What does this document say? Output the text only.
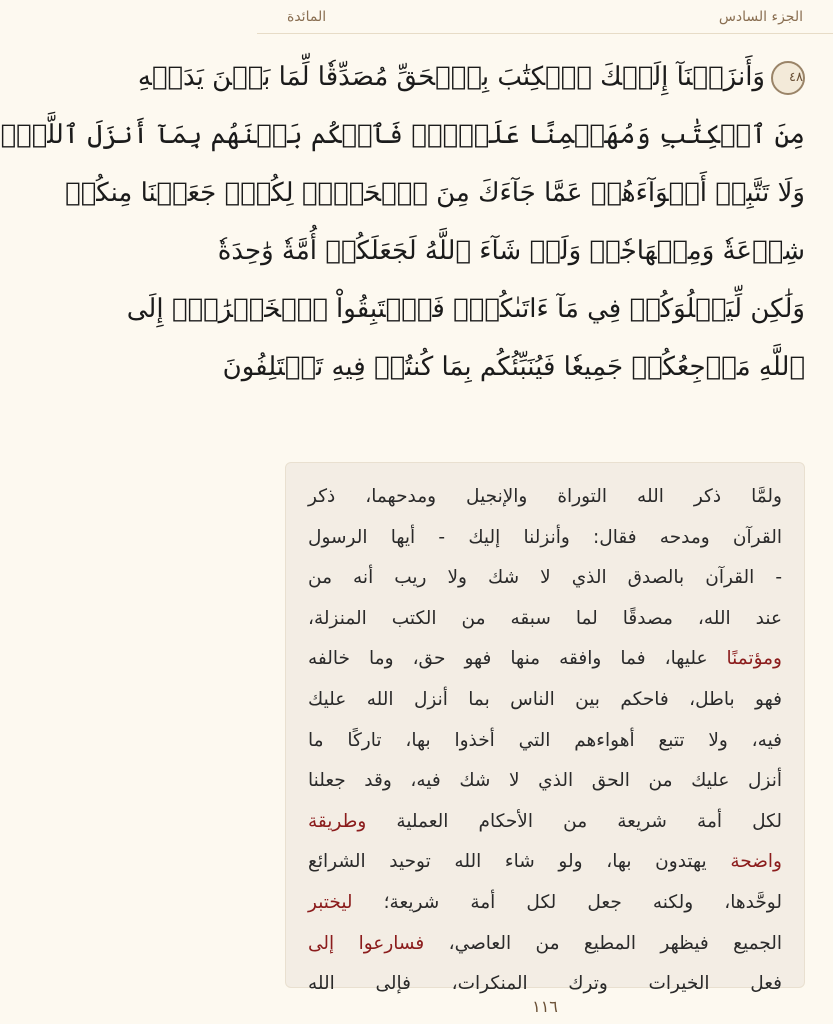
الجزء السادس
المائدة
٤٨وَأَنزَلۡنَآ إِلَيۡكَ ٱلۡكِتَٰبَ بِٱلۡحَقِّ مُصَدِّقٗا لِّمَا بَيۡنَ يَدَيۡهِ
مِنَ ٱلۡكِتَٰبِ وَمُهَيۡمِنًا عَلَيۡهِۖ فَٱحۡكُم بَيۡنَهُم بِمَآ أَنزَلَ ٱللَّهُۖ
وَلَا تَتَّبِعۡ أَهۡوَآءَهُمۡ عَمَّا جَآءَكَ مِنَ ٱلۡحَقِّۚ لِكُلّٖ جَعَلۡنَا مِنكُمۡ
شِرۡعَةٗ وَمِنۡهَاجٗاۚ وَلَوۡ شَآءَ ٱللَّهُ لَجَعَلَكُمۡ أُمَّةٗ وَٰحِدَةٗ
وَلَٰكِن لِّيَبۡلُوَكُمۡ فِي مَآ ءَاتَىٰكُمۡۖ فَٱسۡتَبِقُواْ ٱلۡخَيۡرَٰتِۚ إِلَى
ٱللَّهِ مَرۡجِعُكُمۡ جَمِيعٗا فَيُنَبِّئُكُم بِمَا كُنتُمۡ فِيهِ تَخۡتَلِفُونَ
ولمَّا ذكر الله التوراة والإنجيل ومدحهما، ذكر
القرآن ومدحه فقال: وأنزلنا إليك - أيها الرسول
- القرآن بالصدق الذي لا شك ولا ريب أنه من
عند الله، مصدقًا لما سبقه من الكتب المنزلة،
ومؤتمنًا عليها، فما وافقه منها فهو حق، وما خالفه
فهو باطل، فاحكم بين الناس بما أنزل الله عليك
فيه، ولا تتبع أهواءهم التي أخذوا بها، تاركًا ما
أنزل عليك من الحق الذي لا شك فيه، وقد جعلنا
لكل أمة شريعة من الأحكام العملية وطريقة
واضحة يهتدون بها، ولو شاء الله توحيد الشرائع
لوحَّدها، ولكنه جعل لكل أمة شريعة؛ ليختبر
الجميع فيظهر المطيع من العاصي، فسارعوا إلى
فعل الخيرات وترك المنكرات، فإلى الله
١١٦
